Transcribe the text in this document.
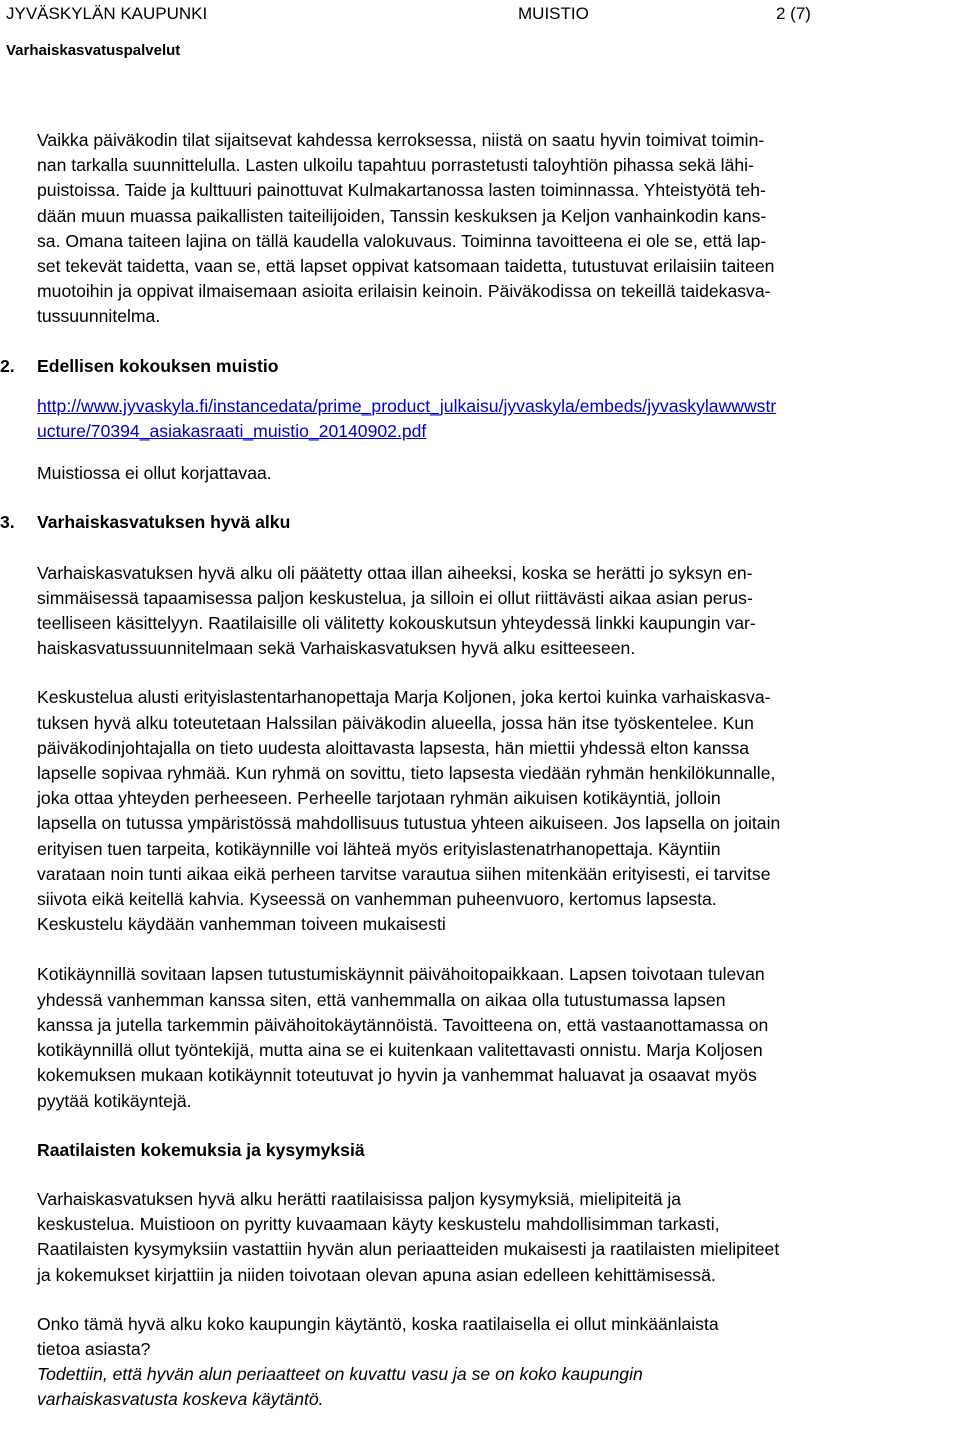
JYVÄSKYLÄN KAUPUNKI	MUISTIO	2 (7)
Varhaiskasvatuspalvelut

Vaikka päiväkodin tilat sijaitsevat kahdessa kerroksessa, niistä on saatu hyvin toimivat toimin-

nan tarkalla suunnittelulla. Lasten ulkoilu tapahtuu porrastetusti taloyhtiön pihassa sekä lähi-

puistoissa. Taide ja kulttuuri painottuvat Kulmakartanossa lasten toiminnassa. Yhteistyötä teh-

dään muun muassa paikallisten taiteilijoiden, Tanssin keskuksen ja Keljon vanhainkodin kans-

sa. Omana taiteen lajina on tällä kaudella valokuvaus. Toiminna tavoitteena ei ole se, että lap-

set tekevät taidetta, vaan se, että lapset oppivat katsomaan taidetta, tutustuvat erilaisiin taiteen

muotoihin ja oppivat ilmaisemaan asioita erilaisin keinoin. Päiväkodissa on tekeillä taidekasva-

tussuunnitelma.

2. Edellisen kokouksen muistio
http://www.jyvaskyla.fi/instancedata/prime_product_julkaisu/jyvaskyla/embeds/jyvaskylawwwstr
ucture/70394_asiakasraati_muistio_20140902.pdf

Muistiossa ei ollut korjattavaa.

3. Varhaiskasvatuksen hyvä alku

Varhaiskasvatuksen hyvä alku oli päätetty ottaa illan aiheeksi, koska se herätti jo syksyn en-

simmäisessä tapaamisessa paljon keskustelua, ja silloin ei ollut riittävästi aikaa asian perus-

teelliseen käsittelyyn. Raatilaisille oli välitetty kokouskutsun yhteydessä linkki kaupungin var-

haiskasvatussuunnitelmaan sekä Varhaiskasvatuksen hyvä alku esitteeseen.

Keskustelua alusti erityislastentarhanopettaja Marja Koljonen, joka kertoi kuinka varhaiskasva-

tuksen hyvä alku toteutetaan Halssilan päiväkodin alueella, jossa hän itse työskentelee. Kun

päiväkodinjohtajalla on tieto uudesta aloittavasta lapsesta, hän miettii yhdessä elton kanssa

lapselle sopivaa ryhmää. Kun ryhmä on sovittu, tieto lapsesta viedään ryhmän henkilökunnalle,

joka ottaa yhteyden perheeseen. Perheelle tarjotaan ryhmän aikuisen kotikäyntiä, jolloin

lapsella on tutussa ympäristössä mahdollisuus tutustua yhteen aikuiseen. Jos lapsella on joitain

erityisen tuen tarpeita, kotikäynnille voi lähteä myös erityislastenatrhanopettaja. Käyntiin

varataan noin tunti aikaa eikä perheen tarvitse varautua siihen mitenkään erityisesti, ei tarvitse

siivota eikä keitellä kahvia. Kyseessä on vanhemman puheenvuoro, kertomus lapsesta.

Keskustelu käydään vanhemman toiveen mukaisesti

Kotikäynnillä sovitaan lapsen tutustumiskäynnit päivähoitopaikkaan. Lapsen toivotaan tulevan

yhdessä vanhemman kanssa siten, että vanhemmalla on aikaa olla tutustumassa lapsen

kanssa ja jutella tarkemmin päivähoitokäytännöistä. Tavoitteena on, että vastaanottamassa on

kotikäynnillä ollut työntekijä, mutta aina se ei kuitenkaan valitettavasti onnistu. Marja Koljosen

kokemuksen mukaan kotikäynnit toteutuvat jo hyvin ja vanhemmat haluavat ja osaavat myös

pyytää kotikäyntejä.

Raatilaisten kokemuksia ja kysymyksiä

Varhaiskasvatuksen hyvä alku herätti raatilaisissa paljon kysymyksiä, mielipiteitä ja

keskustelua. Muistioon on pyritty kuvaamaan käyty keskustelu mahdollisimman tarkasti,

Raatilaisten kysymyksiin vastattiin hyvän alun periaatteiden mukaisesti ja raatilaisten mielipiteet

ja kokemukset kirjattiin ja niiden toivotaan olevan apuna asian edelleen kehittämisessä.

Onko tämä hyvä alku koko kaupungin käytäntö, koska raatilaisella ei ollut minkäänlaista

tietoa asiasta?

Todettiin, että hyvän alun periaatteet on kuvattu vasu ja se on koko kaupungin

varhaiskasvatusta koskeva käytäntö.
